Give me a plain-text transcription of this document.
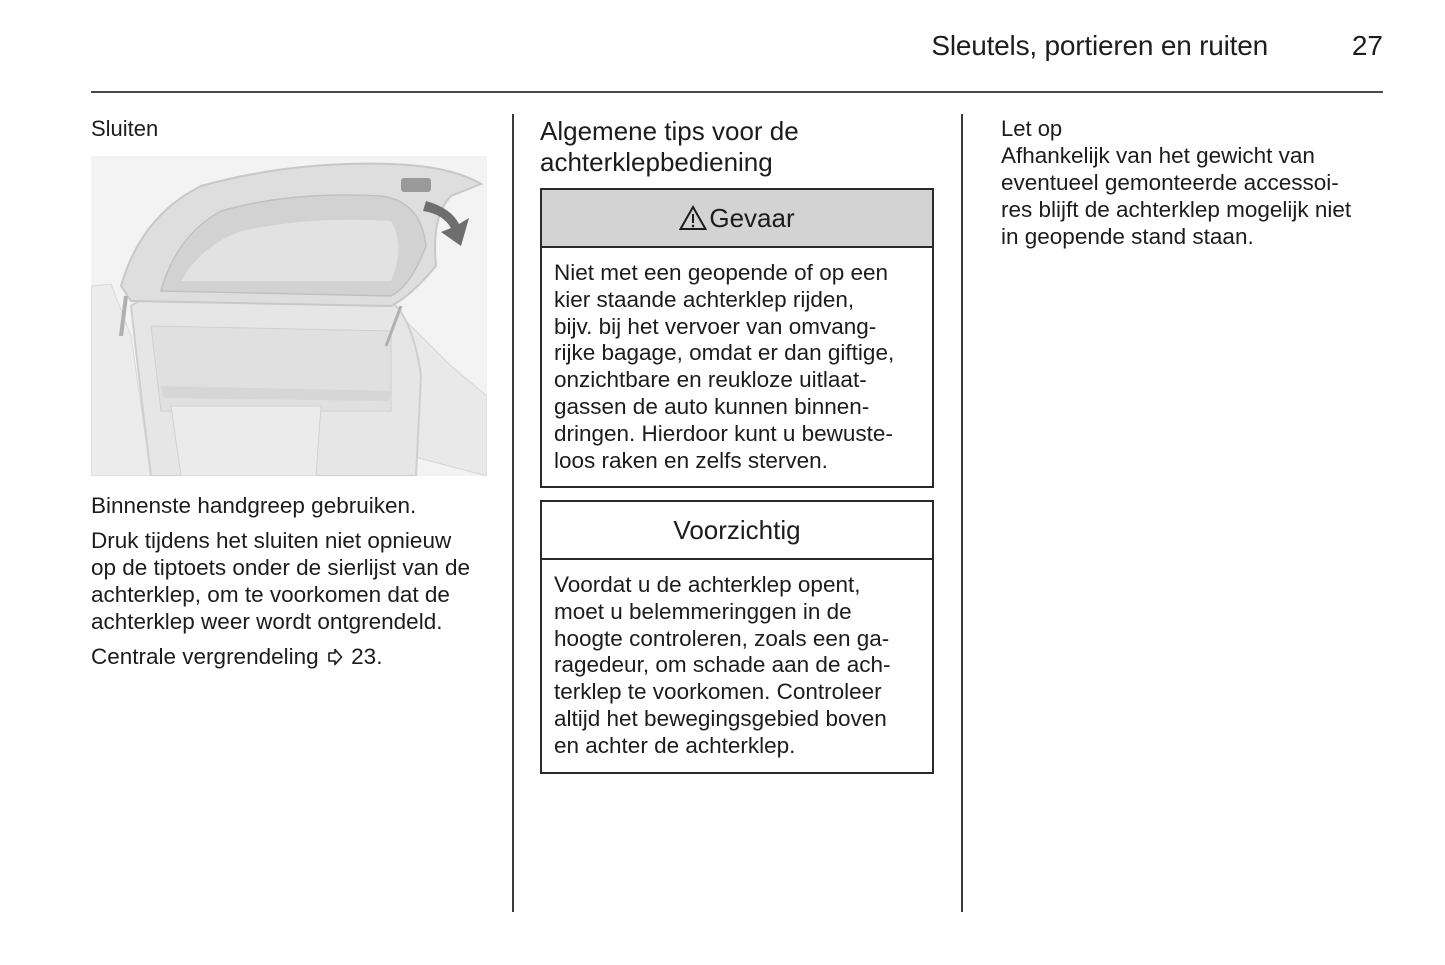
Sleutels, portieren en ruiten	27
Sluiten

Binnenste handgreep gebruiken.

Druk tijdens het sluiten niet opnieuw
op de tiptoets onder de sierlijst van de
achterklep, om te voorkomen dat de
achterklep weer wordt ontgrendeld.

Centrale vergrendeling 23.

Algemene tips voor de
achterklepbediening
Gevaar
Niet met een geopende of op een
kier staande achterklep rijden,
bijv. bij het vervoer van omvang-
rijke bagage, omdat er dan giftige,
onzichtbare en reukloze uitlaat-
gassen de auto kunnen binnen-
dringen. Hierdoor kunt u bewuste-
loos raken en zelfs sterven.
Voorzichtig
Voordat u de achterklep opent,
moet u belemmeringgen in de
hoogte controleren, zoals een ga-
ragedeur, om schade aan de ach-
terklep te voorkomen. Controleer
altijd het bewegingsgebied boven
en achter de achterklep.
Let op

Afhankelijk van het gewicht van
eventueel gemonteerde accessoi-
res blijft de achterklep mogelijk niet
in geopende stand staan.
